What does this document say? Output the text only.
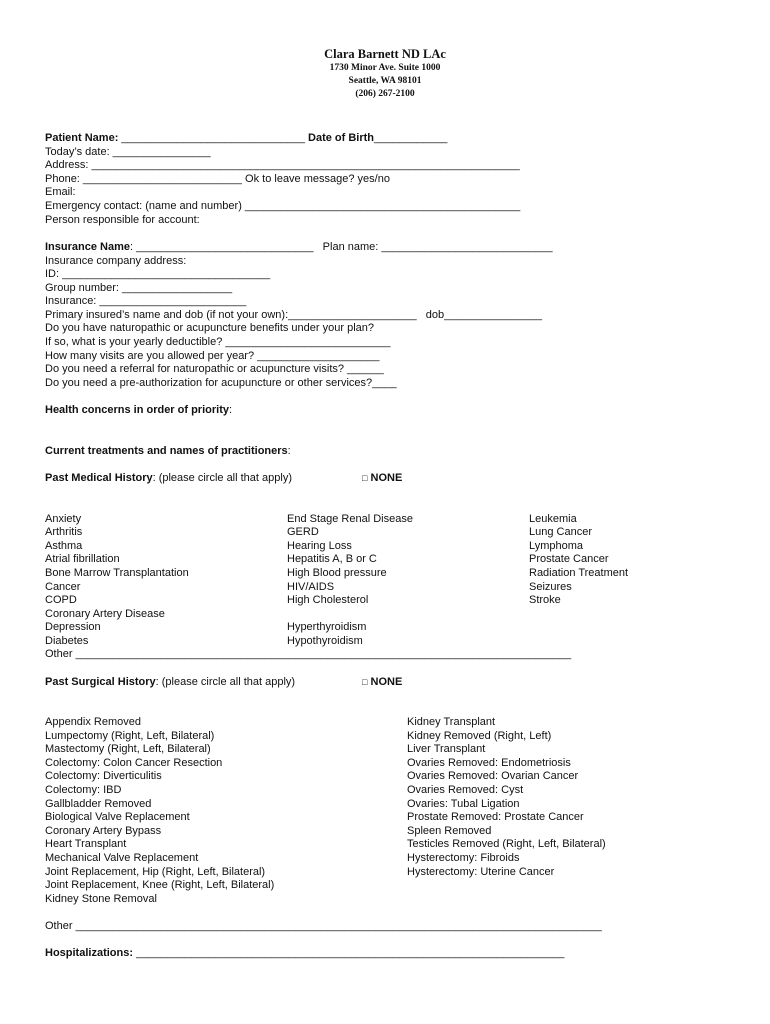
Clara Barnett ND LAc
1730 Minor Ave. Suite 1000
Seattle, WA 98101
(206) 267-2100
Patient Name: ______________________________ Date of Birth____________
Today’s date: ________________
Address: ______________________________________________________________________
Phone: __________________________ Ok to leave message? yes/no
Email:
Emergency contact: (name and number) _____________________________________________
Person responsible for account:
Insurance Name: _____________________________   Plan name: ____________________________
Insurance company address:
ID: __________________________________
Group number: __________________
Insurance: ________________________
Primary insured’s name and dob (if not your own):_____________________   dob________________
Do you have naturopathic or acupuncture benefits under your plan?
If so, what is your yearly deductible? ___________________________
How many visits are you allowed per year? ____________________
Do you need a referral for naturopathic or acupuncture visits? ______
Do you need a pre-authorization for acupuncture or other services?____
Health concerns in order of priority:
Current treatments and names of practitioners:
Past Medical History: (please circle all that apply)	□ NONE
Anxiety
Arthritis
Asthma
Atrial fibrillation
Bone Marrow Transplantation
Cancer
COPD
Coronary Artery Disease
Depression
Diabetes
End Stage Renal Disease
GERD
Hearing Loss
Hepatitis A, B or C
High Blood pressure
HIV/AIDS
High Cholesterol
Hyperthyroidism
Hypothyroidism
Leukemia
Lung Cancer
Lymphoma
Prostate Cancer
Radiation Treatment
Seizures
Stroke
Other _________________________________________________________________________________
Past Surgical History: (please circle all that apply)	□ NONE
Appendix Removed
Lumpectomy (Right, Left, Bilateral)
Mastectomy (Right, Left, Bilateral)
Colectomy: Colon Cancer Resection
Colectomy: Diverticulitis
Colectomy: IBD
Gallbladder Removed
Biological Valve Replacement
Coronary Artery Bypass
Heart Transplant
Mechanical Valve Replacement
Joint Replacement, Hip (Right, Left, Bilateral)
Joint Replacement, Knee (Right, Left, Bilateral)
Kidney Stone Removal
Kidney Transplant
Kidney Removed (Right, Left)
Liver Transplant
Ovaries Removed: Endometriosis
Ovaries Removed: Ovarian Cancer
Ovaries Removed: Cyst
Ovaries: Tubal Ligation
Prostate Removed: Prostate Cancer
Spleen Removed
Testicles Removed (Right, Left, Bilateral)
Hysterectomy: Fibroids
Hysterectomy: Uterine Cancer
Other ______________________________________________________________________________________
Hospitalizations: ______________________________________________________________________
